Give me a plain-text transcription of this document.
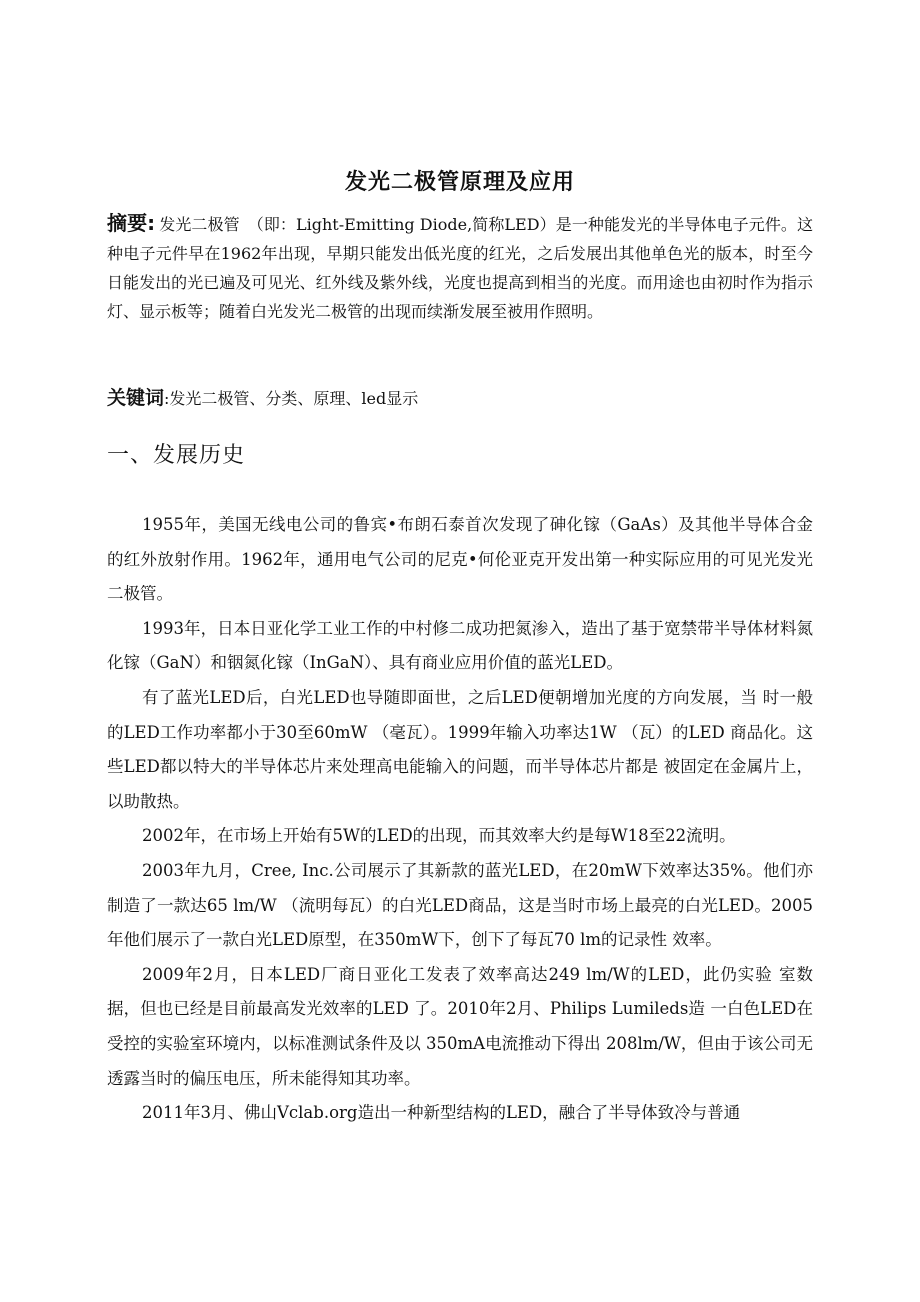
发光二极管原理及应用

摘要: 发光二极管　（即：Light-Emitting Diode,简称LED）是一种能发光的半导体电子元件。这种电子元件早在1962年出现，早期只能发出低光度的红光，之后发展出其他单色光的版本，时至今日能发出的光已遍及可见光、红外线及紫外线，光度也提高到相当的光度。而用途也由初时作为指示灯、显示板等；随着白光发光二极管的出现而续渐发展至被用作照明。

关键词:发光二极管、分类、原理、led显示

一、发展历史

1955年，美国无线电公司的鲁宾•布朗石泰首次发现了砷化镓（GaAs）及其他半导体合金的红外放射作用。1962年，通用电气公司的尼克•何伦亚克开发出第一种实际应用的可见光发光二极管。

1993年，日本日亚化学工业工作的中村修二成功把氮渗入，造出了基于宽禁带半导体材料氮化镓（GaN）和铟氮化镓（InGaN）、具有商业应用价值的蓝光LED。

有了蓝光LED后，白光LED也导随即面世，之后LED便朝增加光度的方向发展，当 时一般的LED工作功率都小于30至60mW （毫瓦）。1999年输入功率达1W （瓦）的LED 商品化。这些LED都以特大的半导体芯片来处理高电能输入的问题，而半导体芯片都是 被固定在金属片上，以助散热。

2002年，在市场上开始有5W的LED的出现，而其效率大约是每W18至22流明。

2003年九月，Cree, Inc.公司展示了其新款的蓝光LED，在20mW下效率达35%。他们亦制造了一款达65 lm/W （流明每瓦）的白光LED商品，这是当时市场上最亮的白光LED。2005年他们展示了一款白光LED原型，在350mW下，创下了每瓦70 lm的记录性 效率。

2009年2月，日本LED厂商日亚化工发表了效率高达249 lm/W的LED，此仍实验 室数据，但也已经是目前最高发光效率的LED 了。2010年2月、Philips Lumileds造 一白色LED在受控的实验室环境内，以标准测试条件及以 350mA电流推动下得出 208lm/W，但由于该公司无透露当时的偏压电压，所未能得知其功率。

2011年3月、佛山Vclab.org造出一种新型结构的LED，融合了半导体致冷与普通
